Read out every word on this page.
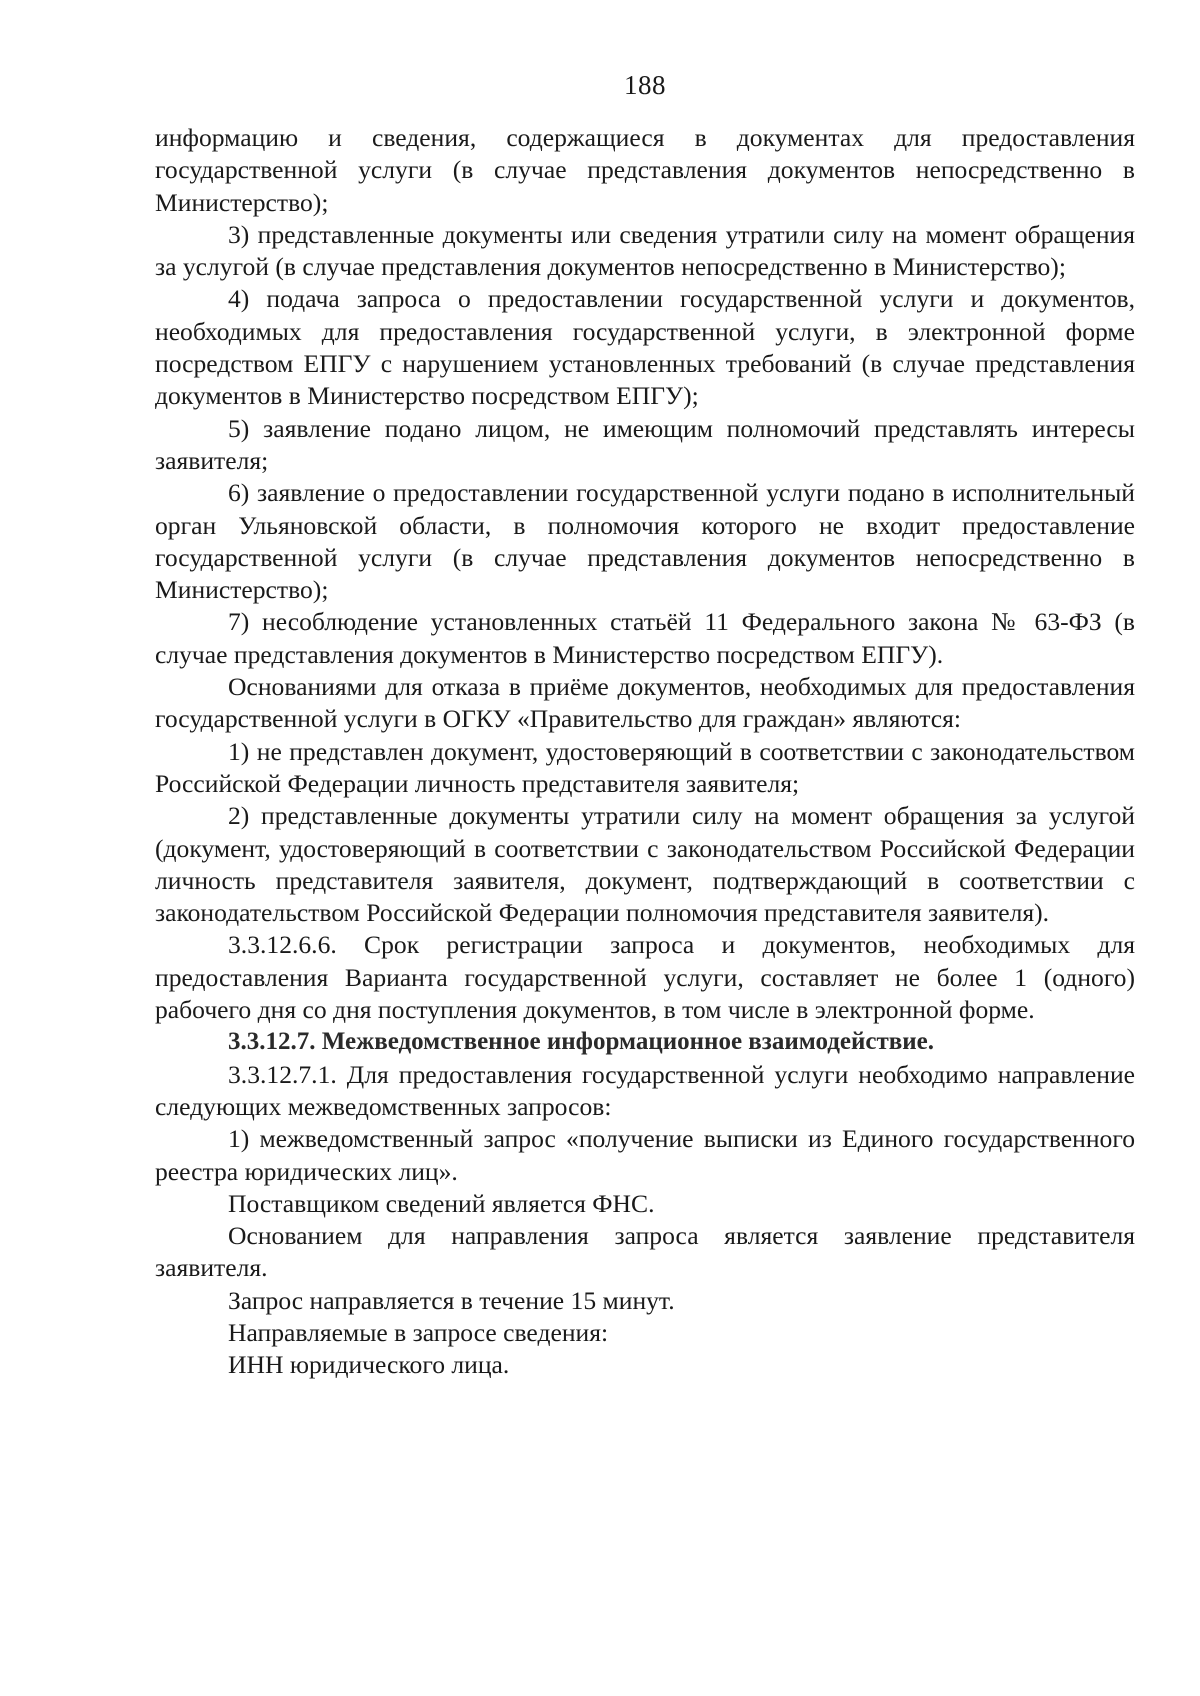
188

информацию и сведения, содержащиеся в документах для предоставления государственной услуги (в случае представления документов непосредственно в Министерство);

3) представленные документы или сведения утратили силу на момент обращения за услугой (в случае представления документов непосредственно в Министерство);

4) подача запроса о предоставлении государственной услуги и документов, необходимых для предоставления государственной услуги, в электронной форме посредством ЕПГУ с нарушением установленных требований (в случае представления документов в Министерство посредством ЕПГУ);

5) заявление подано лицом, не имеющим полномочий представлять интересы заявителя;

6) заявление о предоставлении государственной услуги подано в исполнительный орган Ульяновской области, в полномочия которого не входит предоставление государственной услуги (в случае представления документов непосредственно в Министерство);

7) несоблюдение установленных статьёй 11 Федерального закона № 63-ФЗ (в случае представления документов в Министерство посредством ЕПГУ).

Основаниями для отказа в приёме документов, необходимых для предоставления государственной услуги в ОГКУ «Правительство для граждан» являются:

1) не представлен документ, удостоверяющий в соответствии с законодательством Российской Федерации личность представителя заявителя;

2) представленные документы утратили силу на момент обращения за услугой (документ, удостоверяющий в соответствии с законодательством Российской Федерации личность представителя заявителя, документ, подтверждающий в соответствии с законодательством Российской Федерации полномочия представителя заявителя).

3.3.12.6.6. Срок регистрации запроса и документов, необходимых для предоставления Варианта государственной услуги, составляет не более 1 (одного) рабочего дня со дня поступления документов, в том числе в электронной форме.

3.3.12.7. Межведомственное информационное взаимодействие.

3.3.12.7.1. Для предоставления государственной услуги необходимо направление следующих межведомственных запросов:

1) межведомственный запрос «получение выписки из Единого государственного реестра юридических лиц».

Поставщиком сведений является ФНС.

Основанием для направления запроса является заявление представителя заявителя.

Запрос направляется в течение 15 минут.

Направляемые в запросе сведения:

ИНН юридического лица.
